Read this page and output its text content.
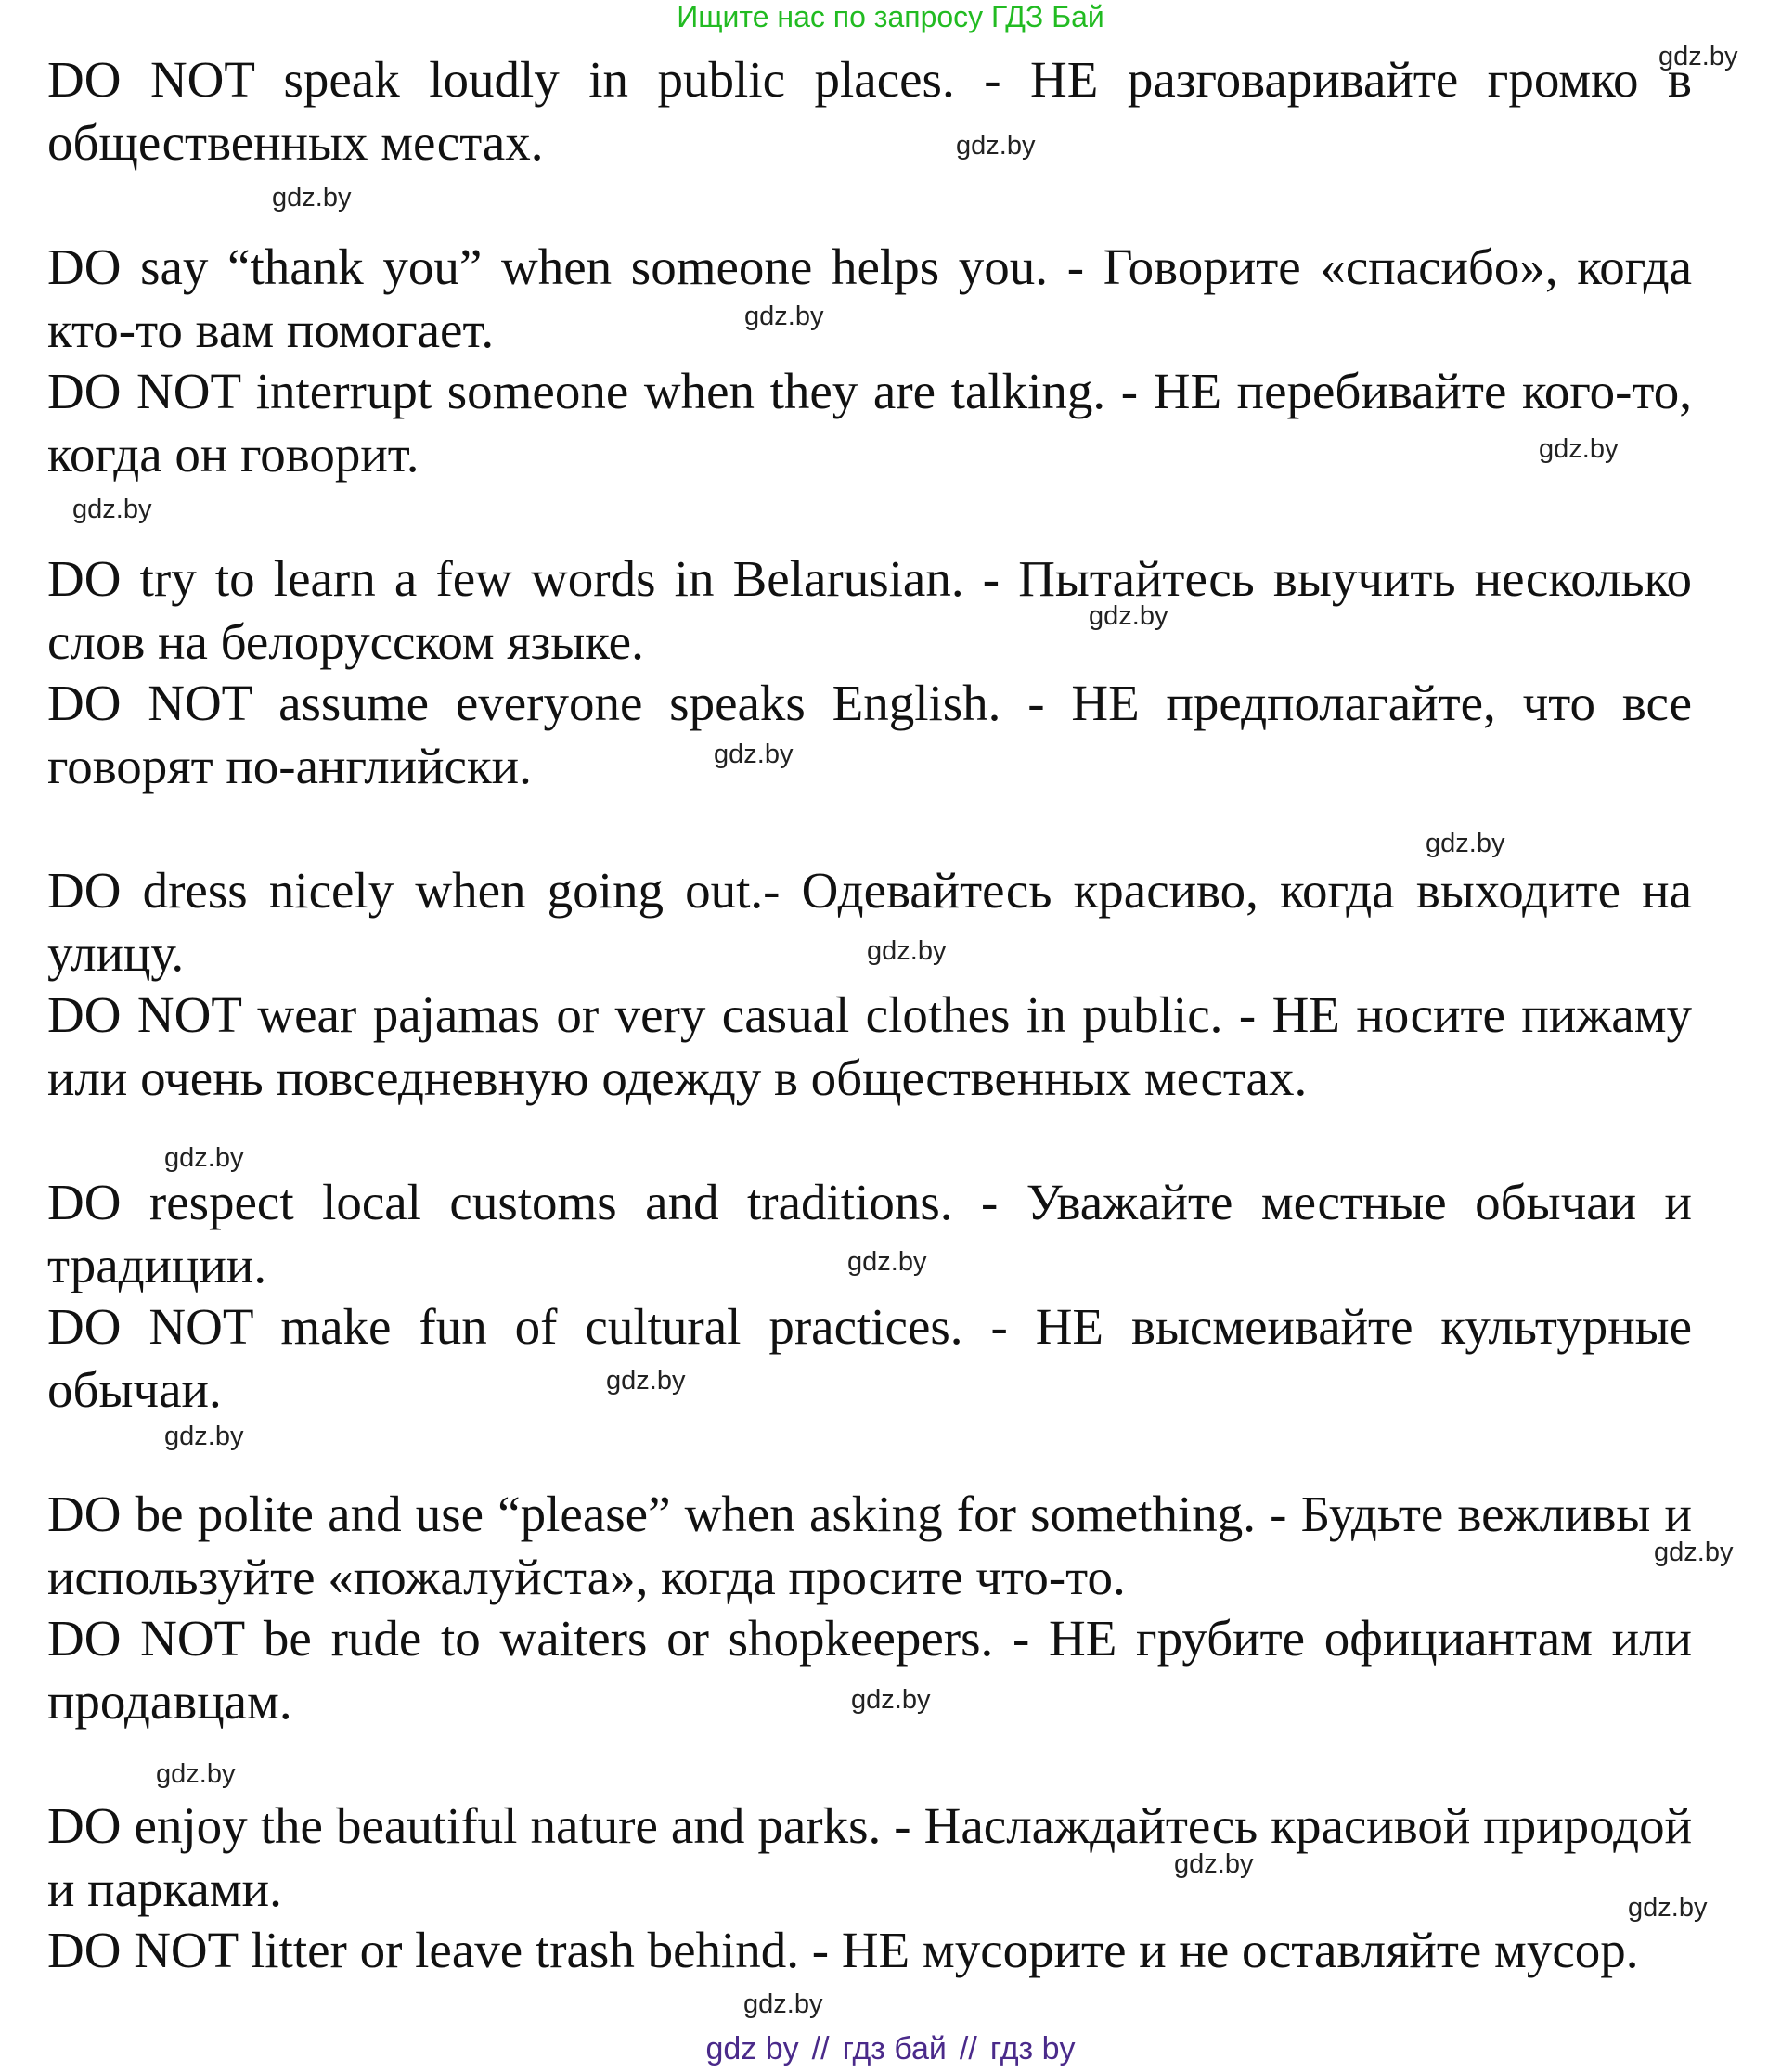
Ищите нас по запросу ГДЗ Бай

DO NOT speak loudly in public places. - НЕ разговаривайте громко в общественных местах.

DO say “thank you” when someone helps you. - Говорите «спасибо», когда кто-то вам помогает.

DO NOT interrupt someone when they are talking. - НЕ перебивайте кого-то, когда он говорит.

DO try to learn a few words in Belarusian. - Пытайтесь выучить несколько слов на белорусском языке.

DO NOT assume everyone speaks English. - НЕ предполагайте, что все говорят по-английски.

DO dress nicely when going out.- Одевайтесь красиво, когда выходите на улицу.

DO NOT wear pajamas or very casual clothes in public. - НЕ носите пижаму или очень повседневную одежду в общественных местах.

DO respect local customs and traditions. - Уважайте местные обычаи и традиции.

DO NOT make fun of cultural practices. - НЕ высмеивайте культурные обычаи.

DO be polite and use “please” when asking for something. - Будьте вежливы и используйте «пожалуйста», когда просите что-то.

DO NOT be rude to waiters or shopkeepers. - НЕ грубите официантам или продавцам.

DO enjoy the beautiful nature and parks. - Наслаждайтесь красивой природой и парками.

DO NOT litter or leave trash behind. - НЕ мусорите и не оставляйте мусор.

gdz.by
gdz.by
gdz.by
gdz.by
gdz.by
gdz.by
gdz.by
gdz.by
gdz.by
gdz.by
gdz.by
gdz.by
gdz.by
gdz.by
gdz.by
gdz.by
gdz.by
gdz.by
gdz.by
gdz.by
gdz by // гдз бай // гдз by
